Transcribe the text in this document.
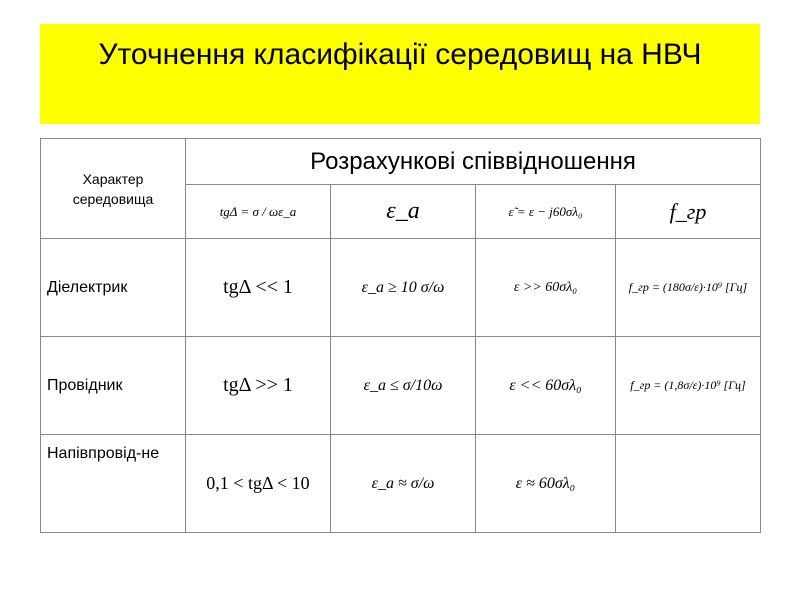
Уточнення класифікації середовищ на НВЧ
Характер середовища	Розрахункові співвідношення			
	tgΔ = σ / ωε_a	ε_a	ε̃ = ε − j60σλ₀	f_гр
Діелектрик	tgΔ << 1	ε_a ≥ 10 σ/ω	ε >> 60σλ₀	f_гр = (180σ/ε)·10⁹ [Гц]
Провідник	tgΔ >> 1	ε_a ≤ σ/10ω	ε << 60σλ₀	f_гр = (1,8σ/ε)·10⁹ [Гц]
Напівпровід-не	0,1 < tgΔ < 10	ε_a ≈ σ/ω	ε ≈ 60σλ₀	
